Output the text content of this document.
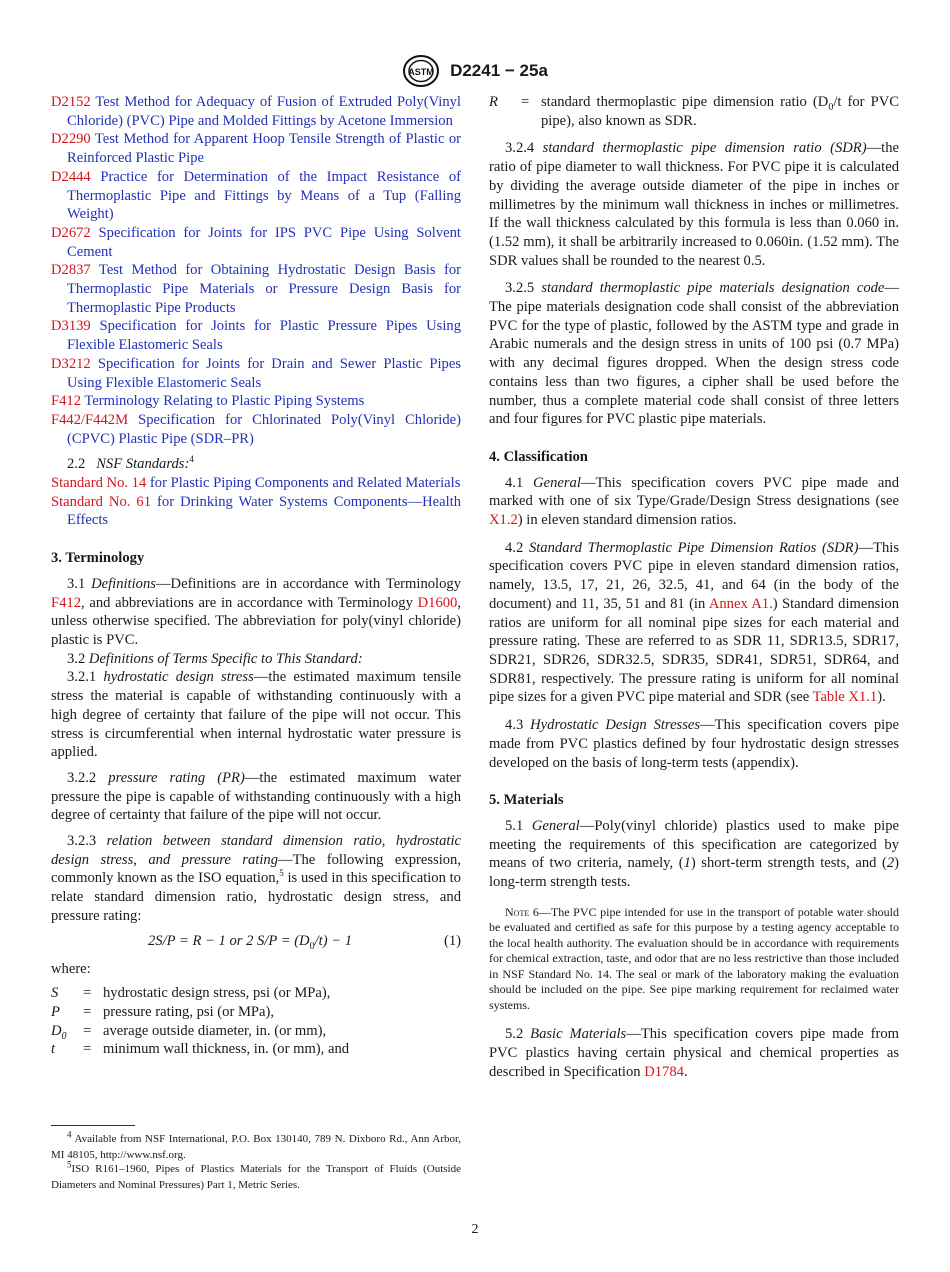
ASTM D2241 − 25a

D2152 Test Method for Adequacy of Fusion of Extruded Poly(Vinyl Chloride) (PVC) Pipe and Molded Fittings by Acetone Immersion

D2290 Test Method for Apparent Hoop Tensile Strength of Plastic or Reinforced Plastic Pipe

D2444 Practice for Determination of the Impact Resistance of Thermoplastic Pipe and Fittings by Means of a Tup (Falling Weight)

D2672 Specification for Joints for IPS PVC Pipe Using Solvent Cement

D2837 Test Method for Obtaining Hydrostatic Design Basis for Thermoplastic Pipe Materials or Pressure Design Basis for Thermoplastic Pipe Products

D3139 Specification for Joints for Plastic Pressure Pipes Using Flexible Elastomeric Seals

D3212 Specification for Joints for Drain and Sewer Plastic Pipes Using Flexible Elastomeric Seals

F412 Terminology Relating to Plastic Piping Systems

F442/F442M Specification for Chlorinated Poly(Vinyl Chloride) (CPVC) Plastic Pipe (SDR–PR)

2.2 NSF Standards:$^4$

Standard No. 14 for Plastic Piping Components and Related Materials

Standard No. 61 for Drinking Water Systems Components—Health Effects

3. Terminology

3.1 Definitions—Definitions are in accordance with Terminology F412, and abbreviations are in accordance with Terminology D1600, unless otherwise specified. The abbreviation for poly(vinyl chloride) plastic is PVC.

3.2 Definitions of Terms Specific to This Standard:

3.2.1 hydrostatic design stress—the estimated maximum tensile stress the material is capable of withstanding continuously with a high degree of certainty that failure of the pipe will not occur. This stress is circumferential when internal hydrostatic water pressure is applied.

3.2.2 pressure rating (PR)—the estimated maximum water pressure the pipe is capable of withstanding continuously with a high degree of certainty that failure of the pipe will not occur.

3.2.3 relation between standard dimension ratio, hydrostatic design stress, and pressure rating—The following expression, commonly known as the ISO equation,$^5$ is used in this specification to relate standard dimension ratio, hydrostatic design stress, and pressure rating:

2S/P = R − 1 or 2 $S/P = (D_0/t) - 1$	(1)

where:

S	=	hydrostatic design stress, psi (or MPa),
P	=	pressure rating, psi (or MPa),
$D_0$	=	average outside diameter, in. (or mm),
t	=	minimum wall thickness, in. (or mm), and

$^4$ Available from NSF International, P.O. Box 130140, 789 N. Dixboro Rd., Ann Arbor, MI 48105, http://www.nsf.org.

$^5$ISO R161–1960, Pipes of Plastics Materials for the Transport of Fluids (Outside Diameters and Nominal Pressures) Part 1, Metric Series.

R	=	standard thermoplastic pipe dimension ratio ($D_0/t$ for PVC pipe), also known as SDR.

3.2.4 standard thermoplastic pipe dimension ratio (SDR)—the ratio of pipe diameter to wall thickness. For PVC pipe it is calculated by dividing the average outside diameter of the pipe in inches or millimetres by the minimum wall thickness in inches or millimetres. If the wall thickness calculated by this formula is less than 0.060 in. (1.52 mm), it shall be arbitrarily increased to 0.060in. (1.52 mm). The SDR values shall be rounded to the nearest 0.5.

3.2.5 standard thermoplastic pipe materials designation code—The pipe materials designation code shall consist of the abbreviation PVC for the type of plastic, followed by the ASTM type and grade in Arabic numerals and the design stress in units of 100 psi (0.7 MPa) with any decimal figures dropped. When the design stress code contains less than two figures, a cipher shall be used before the number, thus a complete material code shall consist of three letters and four figures for PVC plastic pipe materials.

4. Classification

4.1 General—This specification covers PVC pipe made and marked with one of six Type/Grade/Design Stress designations (see X1.2) in eleven standard dimension ratios.

4.2 Standard Thermoplastic Pipe Dimension Ratios (SDR)—This specification covers PVC pipe in eleven standard dimension ratios, namely, 13.5, 17, 21, 26, 32.5, 41, and 64 (in the body of the document) and 11, 35, 51 and 81 (in Annex A1.) Standard dimension ratios are uniform for all nominal pipe sizes for each material and pressure rating. These are referred to as SDR 11, SDR13.5, SDR17, SDR21, SDR26, SDR32.5, SDR35, SDR41, SDR51, SDR64, and SDR81, respectively. The pressure rating is uniform for all nominal pipe sizes for a given PVC pipe material and SDR (see Table X1.1).

4.3 Hydrostatic Design Stresses—This specification covers pipe made from PVC plastics defined by four hydrostatic design stresses developed on the basis of long-term tests (appendix).

5. Materials

5.1 General—Poly(vinyl chloride) plastics used to make pipe meeting the requirements of this specification are categorized by means of two criteria, namely, (1) short-term strength tests, and (2) long-term strength tests.

Note 6—The PVC pipe intended for use in the transport of potable water should be evaluated and certified as safe for this purpose by a testing agency acceptable to the local health authority. The evaluation should be in accordance with requirements for chemical extraction, taste, and odor that are no less restrictive than those included in NSF Standard No. 14. The seal or mark of the laboratory making the evaluation should be included on the pipe. See pipe marking requirement for reclaimed water systems.

5.2 Basic Materials—This specification covers pipe made from PVC plastics having certain physical and chemical properties as described in Specification D1784.

2
